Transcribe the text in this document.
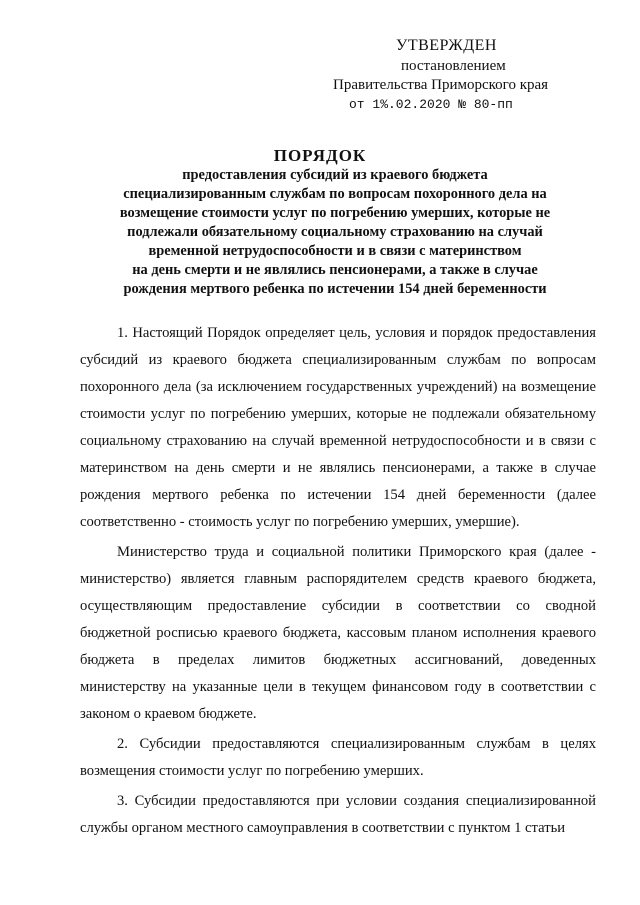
УТВЕРЖДЕН
постановлением
Правительства Приморского края
от 1%.02.2020 № 80-пп
ПОРЯДОК
предоставления субсидий из краевого бюджета
специализированным службам по вопросам похоронного дела на
возмещение стоимости услуг по погребению умерших, которые не
подлежали обязательному социальному страхованию на случай
временной нетрудоспособности и в связи с материнством
на день смерти и не являлись пенсионерами, а также в случае
рождения мертвого ребенка по истечении 154 дней беременности

1. Настоящий Порядок определяет цель, условия и порядок предоставления субсидий из краевого бюджета специализированным службам по вопросам похоронного дела (за исключением государственных учреждений) на возмещение стоимости услуг по погребению умерших, которые не подлежали обязательному социальному страхованию на случай временной нетрудоспособности и в связи с материнством на день смерти и не являлись пенсионерами, а также в случае рождения мертвого ребенка по истечении 154 дней беременности (далее соответственно - стоимость услуг по погребению умерших, умершие).

Министерство труда и социальной политики Приморского края (далее - министерство) является главным распорядителем средств краевого бюджета, осуществляющим предоставление субсидии в соответствии со сводной бюджетной росписью краевого бюджета, кассовым планом исполнения краевого бюджета в пределах лимитов бюджетных ассигнований, доведенных министерству на указанные цели в текущем финансовом году в соответствии с законом о краевом бюджете.

2. Субсидии предоставляются специализированным службам в целях возмещения стоимости услуг по погребению умерших.

3. Субсидии предоставляются при условии создания специализированной службы органом местного самоуправления в соответствии с пунктом 1 статьи
